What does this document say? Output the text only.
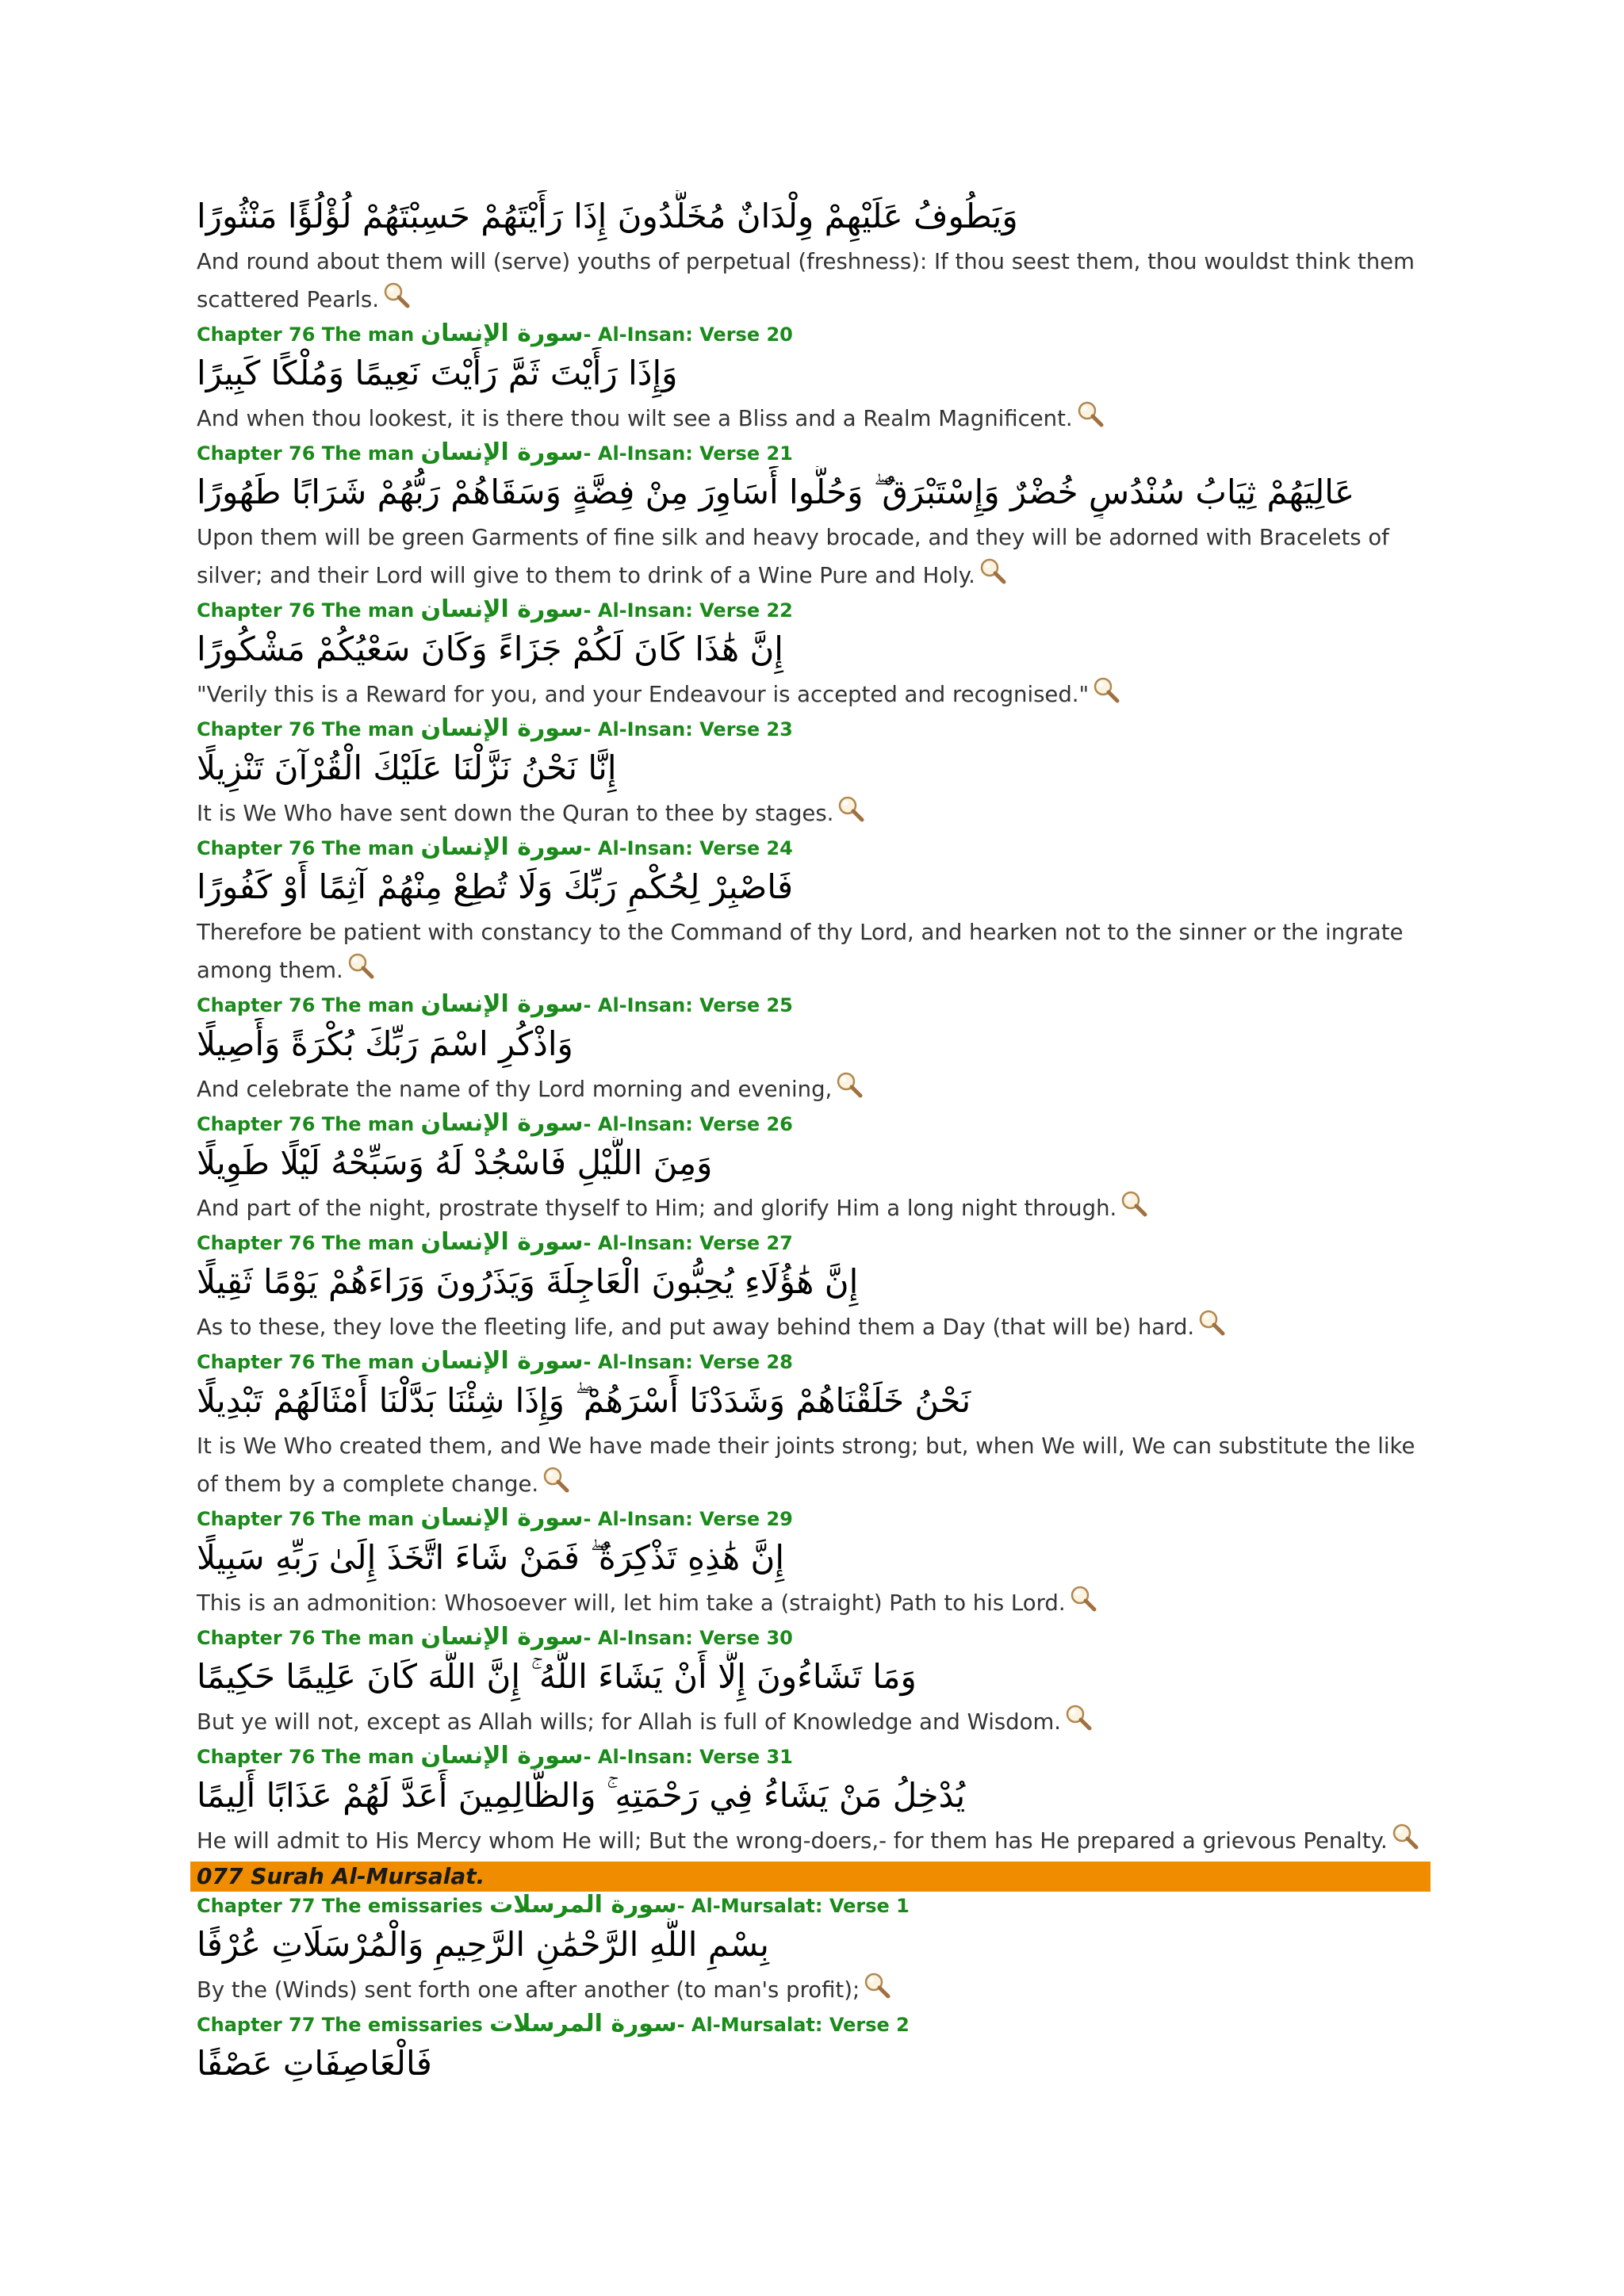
وَيَطُوفُ عَلَيْهِمْ وِلْدَانٌ مُخَلَّدُونَ إِذَا رَأَيْتَهُمْ حَسِبْتَهُمْ لُؤْلُؤًا مَنْثُورًا
And round about them will (serve) youths of perpetual (freshness): If thou seest them, thou wouldst think them scattered Pearls.
Chapter 76 The man سورة الإنسان- Al-Insan: Verse 20
وَإِذَا رَأَيْتَ ثَمَّ رَأَيْتَ نَعِيمًا وَمُلْكًا كَبِيرًا
And when thou lookest, it is there thou wilt see a Bliss and a Realm Magnificent.
Chapter 76 The man سورة الإنسان- Al-Insan: Verse 21
عَالِيَهُمْ ثِيَابُ سُنْدُسٍ خُضْرٌ وَإِسْتَبْرَقٌ ۖ وَحُلُّوا أَسَاوِرَ مِنْ فِضَّةٍ وَسَقَاهُمْ رَبُّهُمْ شَرَابًا طَهُورًا
Upon them will be green Garments of fine silk and heavy brocade, and they will be adorned with Bracelets of silver; and their Lord will give to them to drink of a Wine Pure and Holy.
Chapter 76 The man سورة الإنسان- Al-Insan: Verse 22
إِنَّ هَٰذَا كَانَ لَكُمْ جَزَاءً وَكَانَ سَعْيُكُمْ مَشْكُورًا
"Verily this is a Reward for you, and your Endeavour is accepted and recognised."
Chapter 76 The man سورة الإنسان- Al-Insan: Verse 23
إِنَّا نَحْنُ نَزَّلْنَا عَلَيْكَ الْقُرْآنَ تَنْزِيلًا
It is We Who have sent down the Quran to thee by stages.
Chapter 76 The man سورة الإنسان- Al-Insan: Verse 24
فَاصْبِرْ لِحُكْمِ رَبِّكَ وَلَا تُطِعْ مِنْهُمْ آثِمًا أَوْ كَفُورًا
Therefore be patient with constancy to the Command of thy Lord, and hearken not to the sinner or the ingrate among them.
Chapter 76 The man سورة الإنسان- Al-Insan: Verse 25
وَاذْكُرِ اسْمَ رَبِّكَ بُكْرَةً وَأَصِيلًا
And celebrate the name of thy Lord morning and evening,
Chapter 76 The man سورة الإنسان- Al-Insan: Verse 26
وَمِنَ اللَّيْلِ فَاسْجُدْ لَهُ وَسَبِّحْهُ لَيْلًا طَوِيلًا
And part of the night, prostrate thyself to Him; and glorify Him a long night through.
Chapter 76 The man سورة الإنسان- Al-Insan: Verse 27
إِنَّ هَٰؤُلَاءِ يُحِبُّونَ الْعَاجِلَةَ وَيَذَرُونَ وَرَاءَهُمْ يَوْمًا ثَقِيلًا
As to these, they love the fleeting life, and put away behind them a Day (that will be) hard.
Chapter 76 The man سورة الإنسان- Al-Insan: Verse 28
نَحْنُ خَلَقْنَاهُمْ وَشَدَدْنَا أَسْرَهُمْ ۖ وَإِذَا شِئْنَا بَدَّلْنَا أَمْثَالَهُمْ تَبْدِيلًا
It is We Who created them, and We have made their joints strong; but, when We will, We can substitute the like of them by a complete change.
Chapter 76 The man سورة الإنسان- Al-Insan: Verse 29
إِنَّ هَٰذِهِ تَذْكِرَةٌ ۖ فَمَنْ شَاءَ اتَّخَذَ إِلَىٰ رَبِّهِ سَبِيلًا
This is an admonition: Whosoever will, let him take a (straight) Path to his Lord.
Chapter 76 The man سورة الإنسان- Al-Insan: Verse 30
وَمَا تَشَاءُونَ إِلَّا أَنْ يَشَاءَ اللَّهُ ۚ إِنَّ اللَّهَ كَانَ عَلِيمًا حَكِيمًا
But ye will not, except as Allah wills; for Allah is full of Knowledge and Wisdom.
Chapter 76 The man سورة الإنسان- Al-Insan: Verse 31
يُدْخِلُ مَنْ يَشَاءُ فِي رَحْمَتِهِ ۚ وَالظَّالِمِينَ أَعَدَّ لَهُمْ عَذَابًا أَلِيمًا
He will admit to His Mercy whom He will; But the wrong-doers,- for them has He prepared a grievous Penalty.
077 Surah Al-Mursalat.
Chapter 77 The emissaries سورة المرسلات- Al-Mursalat: Verse 1
بِسْمِ اللَّهِ الرَّحْمَٰنِ الرَّحِيمِ وَالْمُرْسَلَاتِ عُرْفًا
By the (Winds) sent forth one after another (to man's profit);
Chapter 77 The emissaries سورة المرسلات- Al-Mursalat: Verse 2
فَالْعَاصِفَاتِ عَصْفًا
